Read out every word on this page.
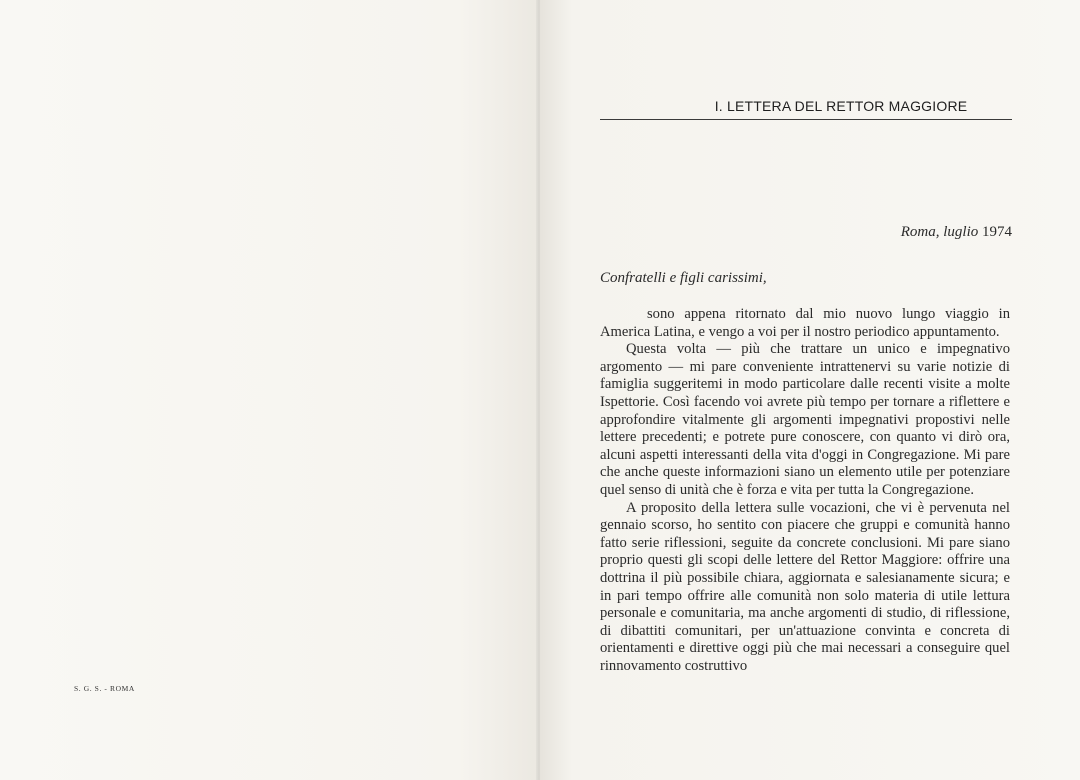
S. G. S. - ROMA
I. LETTERA DEL RETTOR MAGGIORE
Roma, luglio 1974
Confratelli e figli carissimi,

sono appena ritornato dal mio nuovo lungo viaggio in America Latina, e vengo a voi per il nostro periodico appuntamento.

Questa volta — più che trattare un unico e impegnativo argomento — mi pare conveniente intrattenervi su varie notizie di famiglia suggeritemi in modo particolare dalle recenti visite a molte Ispettorie. Così facendo voi avrete più tempo per tornare a riflettere e approfondire vitalmente gli argomenti impegnativi propostivi nelle lettere precedenti; e potrete pure conoscere, con quanto vi dirò ora, alcuni aspetti interessanti della vita d'oggi in Congregazione. Mi pare che anche queste informazioni siano un elemento utile per potenziare quel senso di unità che è forza e vita per tutta la Congregazione.

A proposito della lettera sulle vocazioni, che vi è pervenuta nel gennaio scorso, ho sentito con piacere che gruppi e comunità hanno fatto serie riflessioni, seguite da concrete conclusioni. Mi pare siano proprio questi gli scopi delle lettere del Rettor Maggiore: offrire una dottrina il più possibile chiara, aggiornata e salesianamente sicura; e in pari tempo offrire alle comunità non solo materia di utile lettura personale e comunitaria, ma anche argomenti di studio, di riflessione, di dibattiti comunitari, per un'attuazione convinta e concreta di orientamenti e direttive oggi più che mai necessari a conseguire quel rinnovamento costruttivo
